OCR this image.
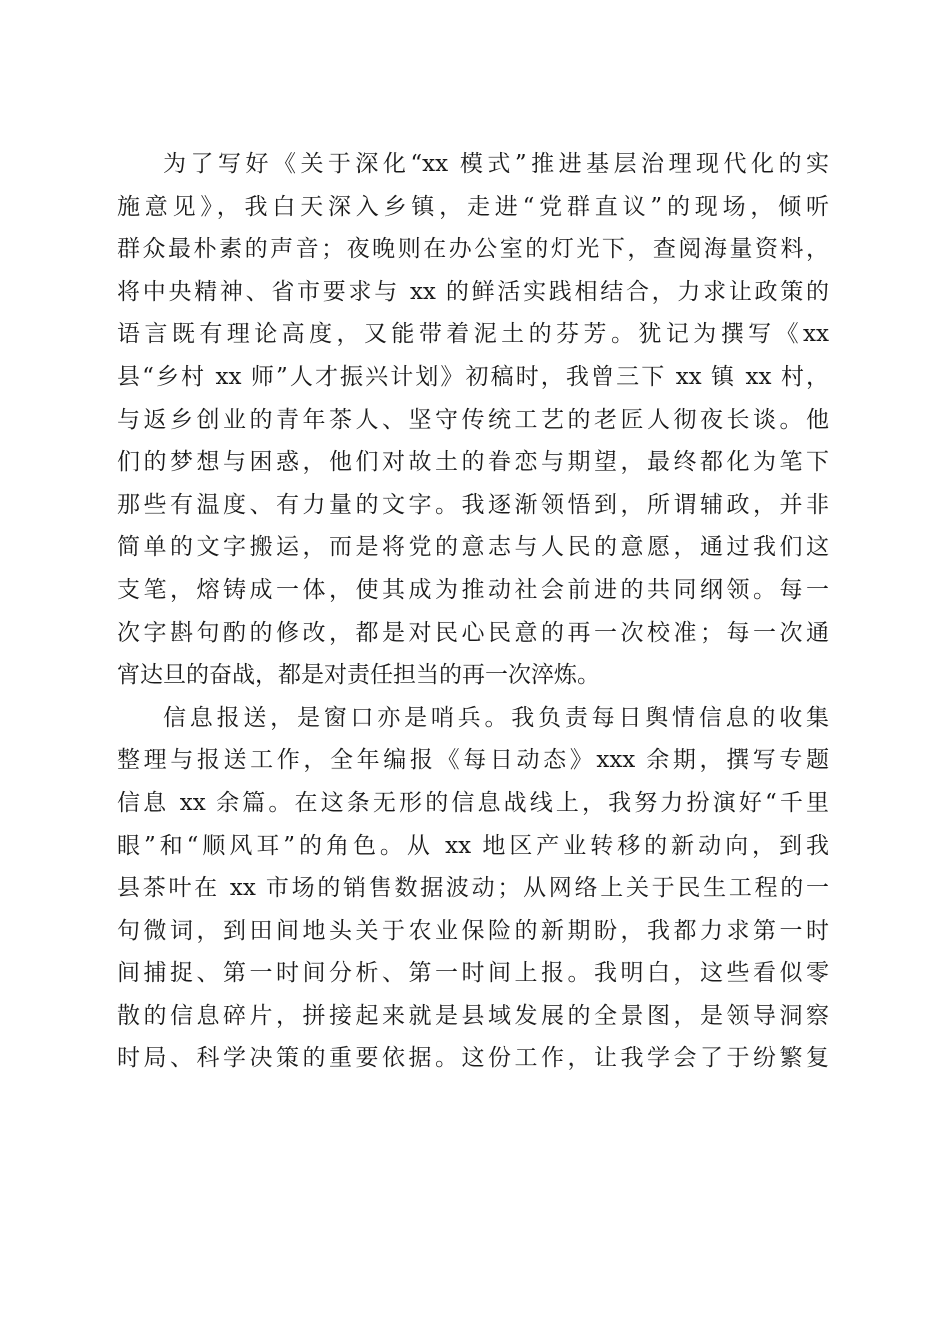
为了写好《关于深化“xx 模式”推进基层治理现代化的实
施意见》，我白天深入乡镇，走进“党群直议”的现场，倾听
群众最朴素的声音；夜晚则在办公室的灯光下，查阅海量资料，
将中央精神、省市要求与 xx 的鲜活实践相结合，力求让政策的
语言既有理论高度，又能带着泥土的芬芳。犹记为撰写《xx
县“乡村 xx 师”人才振兴计划》初稿时，我曾三下 xx 镇 xx 村，
与返乡创业的青年茶人、坚守传统工艺的老匠人彻夜长谈。他
们的梦想与困惑，他们对故土的眷恋与期望，最终都化为笔下
那些有温度、有力量的文字。我逐渐领悟到，所谓辅政，并非
简单的文字搬运，而是将党的意志与人民的意愿，通过我们这
支笔，熔铸成一体，使其成为推动社会前进的共同纲领。每一
次字斟句酌的修改，都是对民心民意的再一次校准；每一次通
宵达旦的奋战，都是对责任担当的再一次淬炼。
信息报送，是窗口亦是哨兵。我负责每日舆情信息的收集
整理与报送工作，全年编报《每日动态》xxx 余期，撰写专题
信息 xx 余篇。在这条无形的信息战线上，我努力扮演好“千里
眼”和“顺风耳”的角色。从 xx 地区产业转移的新动向，到我
县茶叶在 xx 市场的销售数据波动；从网络上关于民生工程的一
句微词，到田间地头关于农业保险的新期盼，我都力求第一时
间捕捉、第一时间分析、第一时间上报。我明白，这些看似零
散的信息碎片，拼接起来就是县域发展的全景图，是领导洞察
时局、科学决策的重要依据。这份工作，让我学会了于纷繁复
